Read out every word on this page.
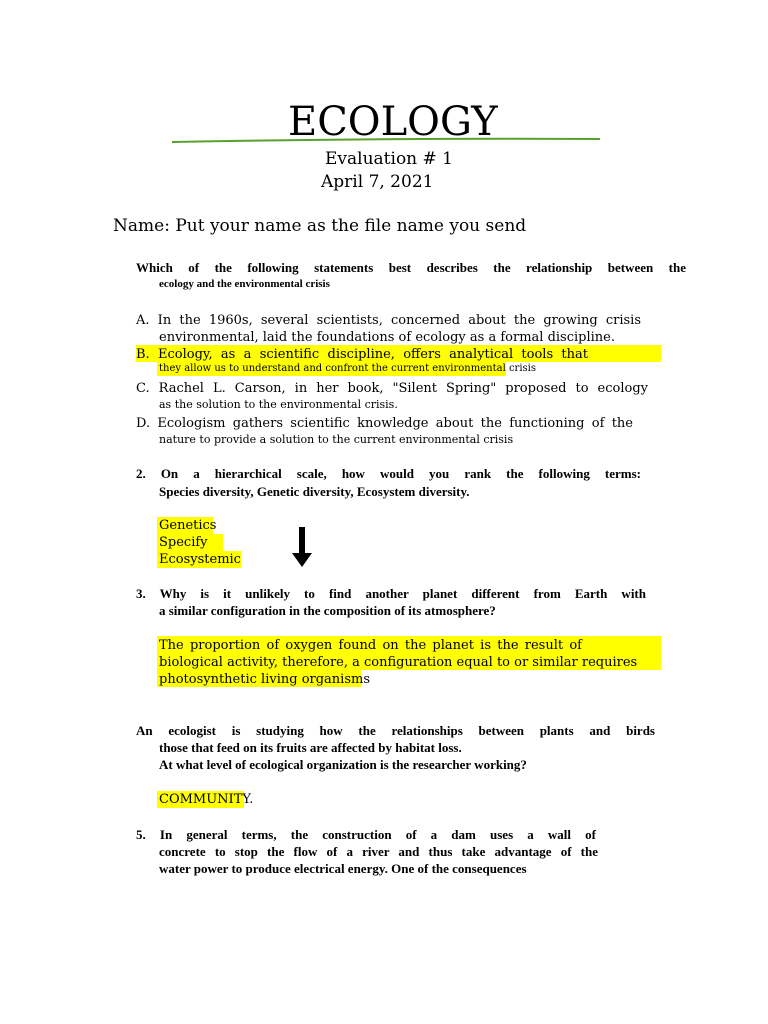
ECOLOGY
Evaluation # 1
April 7, 2021
Name: Put your name as the file name you send
Which of the following statements best describes the relationship between the
ecology and the environmental crisis
A. In the 1960s, several scientists, concerned about the growing crisis
environmental, laid the foundations of ecology as a formal discipline.
B. Ecology, as a scientific discipline, offers analytical tools that
they allow us to understand and confront the current environmental crisis
C. Rachel L. Carson, in her book, "Silent Spring" proposed to ecology
as the solution to the environmental crisis.
D. Ecologism gathers scientific knowledge about the functioning of the
nature to provide a solution to the current environmental crisis
2. On a hierarchical scale, how would you rank the following terms:
Species diversity, Genetic diversity, Ecosystem diversity.
Genetics
Specify
Ecosystemic
3. Why is it unlikely to find another planet different from Earth with
a similar configuration in the composition of its atmosphere?
The proportion of oxygen found on the planet is the result of
biological activity, therefore, a configuration equal to or similar requires
photosynthetic living organisms
An ecologist is studying how the relationships between plants and birds
those that feed on its fruits are affected by habitat loss.
At what level of ecological organization is the researcher working?
COMMUNITY.
5. In general terms, the construction of a dam uses a wall of
concrete to stop the flow of a river and thus take advantage of the
water power to produce electrical energy. One of the consequences
